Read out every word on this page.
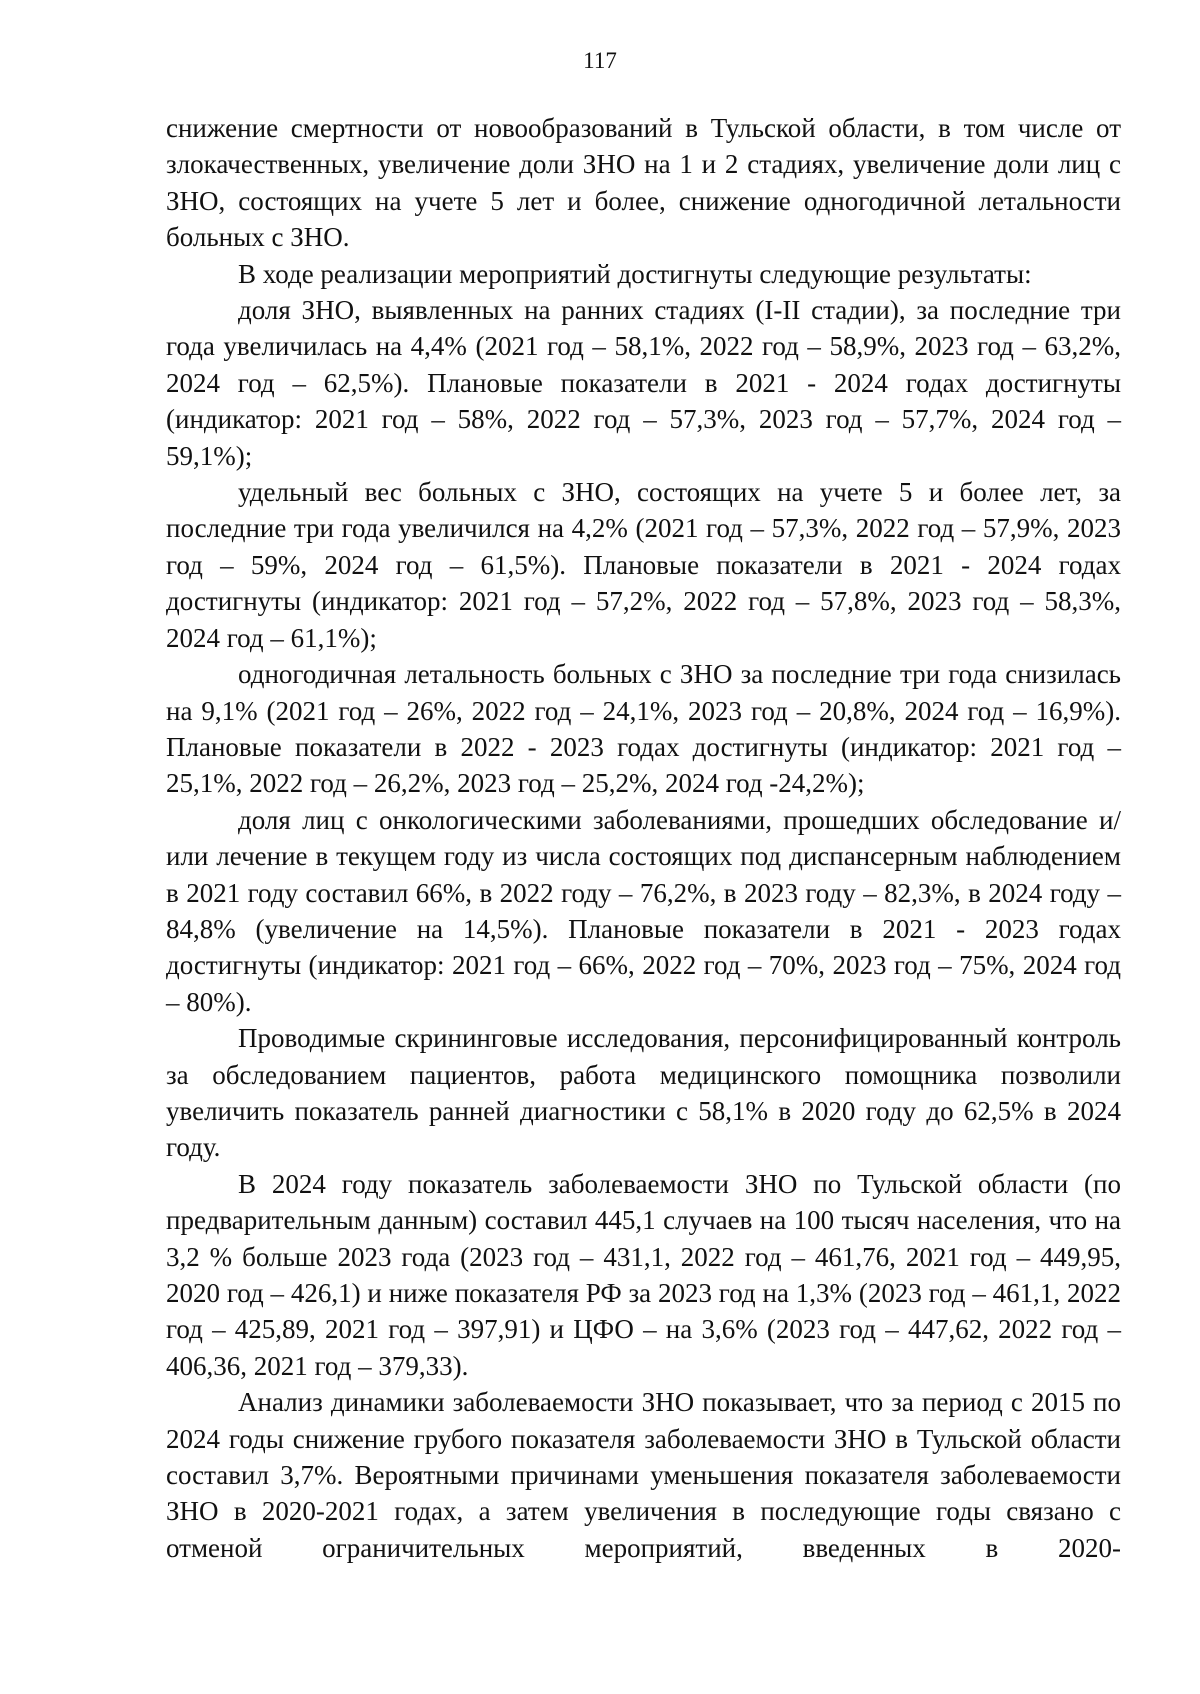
117

снижение смертности от новообразований в Тульской области, в том числе от злокачественных, увеличение доли ЗНО на 1 и 2 стадиях, увеличение доли лиц с ЗНО, состоящих на учете 5 лет и более, снижение одногодичной летальности больных с ЗНО.

В ходе реализации мероприятий достигнуты следующие результаты:

доля ЗНО, выявленных на ранних стадиях (I-II стадии), за последние три года увеличилась на 4,4% (2021 год – 58,1%, 2022 год – 58,9%, 2023 год – 63,2%, 2024 год – 62,5%). Плановые показатели в 2021 - 2024 годах достигнуты (индикатор: 2021 год – 58%, 2022 год – 57,3%, 2023 год – 57,7%, 2024 год – 59,1%);

удельный вес больных с ЗНО, состоящих на учете 5 и более лет, за последние три года увеличился на 4,2% (2021 год – 57,3%, 2022 год – 57,9%, 2023 год – 59%, 2024 год – 61,5%). Плановые показатели в 2021 - 2024 годах достигнуты (индикатор: 2021 год – 57,2%, 2022 год – 57,8%, 2023 год – 58,3%, 2024 год – 61,1%);

одногодичная летальность больных с ЗНО за последние три года снизилась на 9,1% (2021 год – 26%, 2022 год – 24,1%, 2023 год – 20,8%, 2024 год – 16,9%). Плановые показатели в 2022 - 2023 годах достигнуты (индикатор: 2021 год – 25,1%, 2022 год – 26,2%, 2023 год – 25,2%, 2024 год -24,2%);

доля лиц с онкологическими заболеваниями, прошедших обследование и/или лечение в текущем году из числа состоящих под диспансерным наблюдением в 2021 году составил 66%, в 2022 году – 76,2%, в 2023 году – 82,3%, в 2024 году – 84,8% (увеличение на 14,5%). Плановые показатели в 2021 - 2023 годах достигнуты (индикатор: 2021 год – 66%, 2022 год – 70%, 2023 год – 75%, 2024 год – 80%).

Проводимые скрининговые исследования, персонифицированный контроль за обследованием пациентов, работа медицинского помощника позволили увеличить показатель ранней диагностики с 58,1% в 2020 году до 62,5% в 2024 году.

В 2024 году показатель заболеваемости ЗНО по Тульской области (по предварительным данным) составил 445,1 случаев на 100 тысяч населения, что на 3,2 % больше 2023 года (2023 год – 431,1, 2022 год – 461,76, 2021 год – 449,95, 2020 год – 426,1) и ниже показателя РФ за 2023 год на 1,3% (2023 год – 461,1, 2022 год – 425,89, 2021 год – 397,91) и ЦФО – на 3,6% (2023 год – 447,62, 2022 год – 406,36, 2021 год – 379,33).

Анализ динамики заболеваемости ЗНО показывает, что за период с 2015 по 2024 годы снижение грубого показателя заболеваемости ЗНО в Тульской области составил 3,7%. Вероятными причинами уменьшения показателя заболеваемости ЗНО в 2020-2021 годах, а затем увеличения в последующие годы связано с отменой ограничительных мероприятий, введенных в 2020-
